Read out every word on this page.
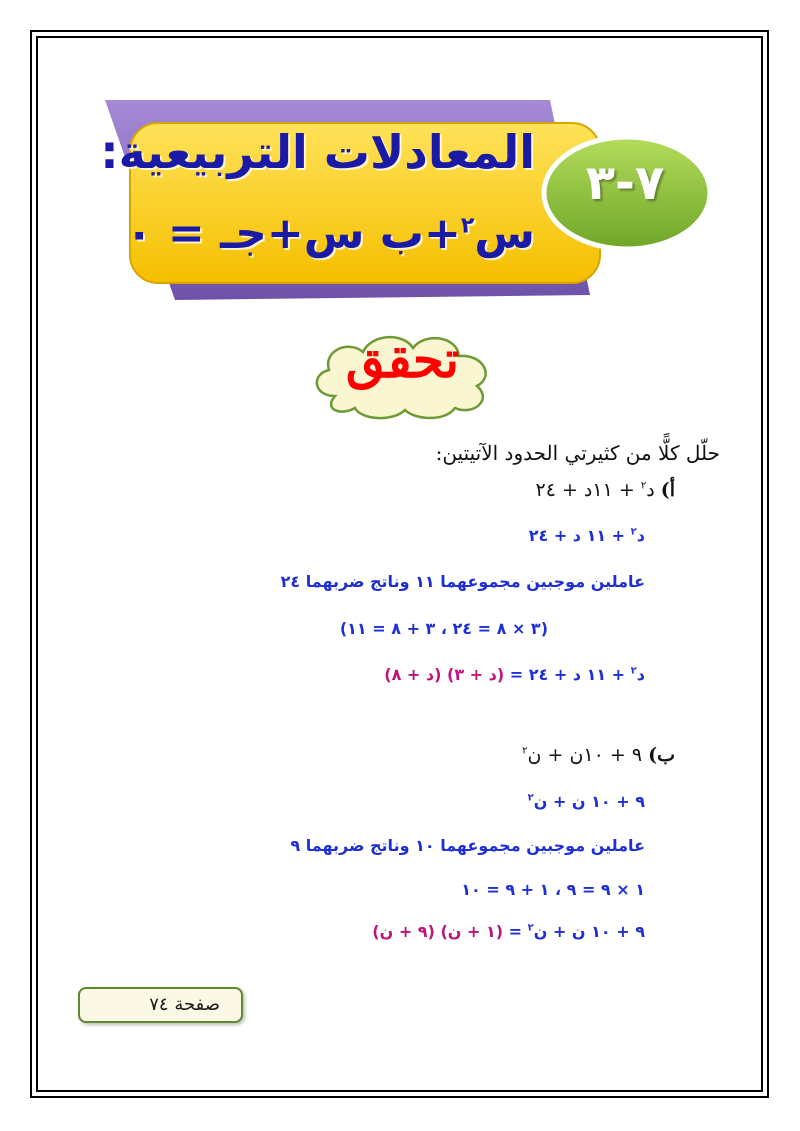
المعادلات التربيعية:
س$^٢$+ب س+جـ = ٠
٧-٣
تحقق
حلّل كلًّا من كثيرتي الحدود الآتيتين:
أ) د$^٢$ + ١١د + ٢٤
د$^٢$ + ١١ د + ٢٤
عاملين موجبين مجموعهما ١١ وناتج ضربهما ٢٤
(٣ × ٨ = ٢٤ ، ٣ + ٨ = ١١)
د$^٢$ + ١١ د + ٢٤ = (د + ٣) (د + ٨)
ب) ٩ + ١٠ن + ن$^٢$
٩ + ١٠ ن + ن$^٢$
عاملين موجبين مجموعهما ١٠ وناتج ضربهما ٩
١ × ٩ = ٩ ، ١ + ٩ = ١٠
٩ + ١٠ ن + ن$^٢$ = (١ + ن) (٩ + ن)
صفحة ٧٤
